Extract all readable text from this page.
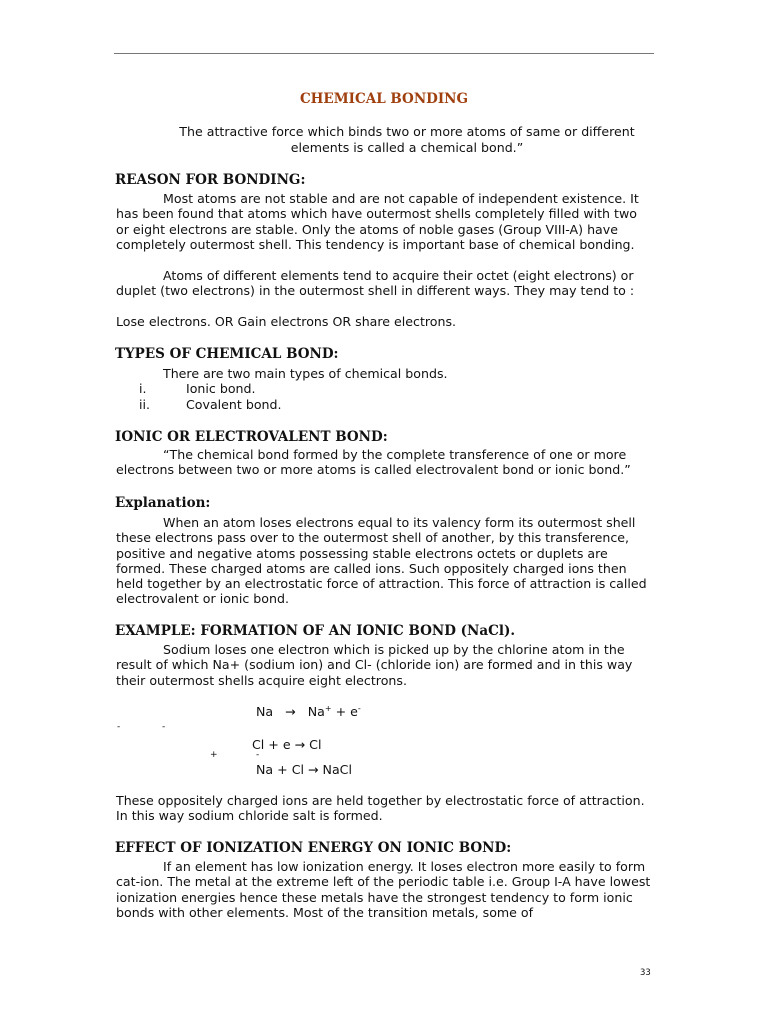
CHEMICAL BONDING
The attractive force which binds two or more atoms of same or different elements is called a chemical bond.”
REASON FOR BONDING:
Most atoms are not stable and are not capable of independent existence. It has been found that atoms which have outermost shells completely filled with two or eight electrons are stable. Only the atoms of noble gases (Group VIII-A) have completely outermost shell. This tendency is important base of chemical bonding.
Atoms of different elements tend to acquire their octet (eight electrons) or duplet (two electrons) in the outermost shell in different ways. They may tend to :
Lose electrons. OR Gain electrons OR share electrons.
TYPES OF CHEMICAL BOND:
There are two main types of chemical bonds.
i.	Ionic bond.
ii.	Covalent bond.
IONIC OR ELECTROVALENT BOND:
“The chemical bond formed by the complete transference of one or more electrons between two or more atoms is called electrovalent bond or ionic bond.”
Explanation:
When an atom loses electrons equal to its valency form its outermost shell these electrons pass over to the outermost shell of another, by this transference, positive and negative atoms possessing stable electrons octets or duplets are formed. These charged atoms are called ions. Such oppositely charged ions then held together by an electrostatic force of attraction. This force of attraction is called electrovalent or ionic bond.
EXAMPLE: FORMATION OF AN IONIC BOND (NaCl).
Sodium loses one electron which is picked up by the chlorine atom in the result of which Na+ (sodium ion) and Cl- (chloride ion) are formed and in this way their outermost shells acquire eight electrons.
Na → Na+ + e-
-	-
Cl + e → Cl
+	-
Na + Cl → NaCl
These oppositely charged ions are held together by electrostatic force of attraction. In this way sodium chloride salt is formed.
EFFECT OF IONIZATION ENERGY ON IONIC BOND:
If an element has low ionization energy. It loses electron more easily to form cat-ion. The metal at the extreme left of the periodic table i.e. Group I-A have lowest ionization energies hence these metals have the strongest tendency to form ionic bonds with other elements. Most of the transition metals, some of
33
